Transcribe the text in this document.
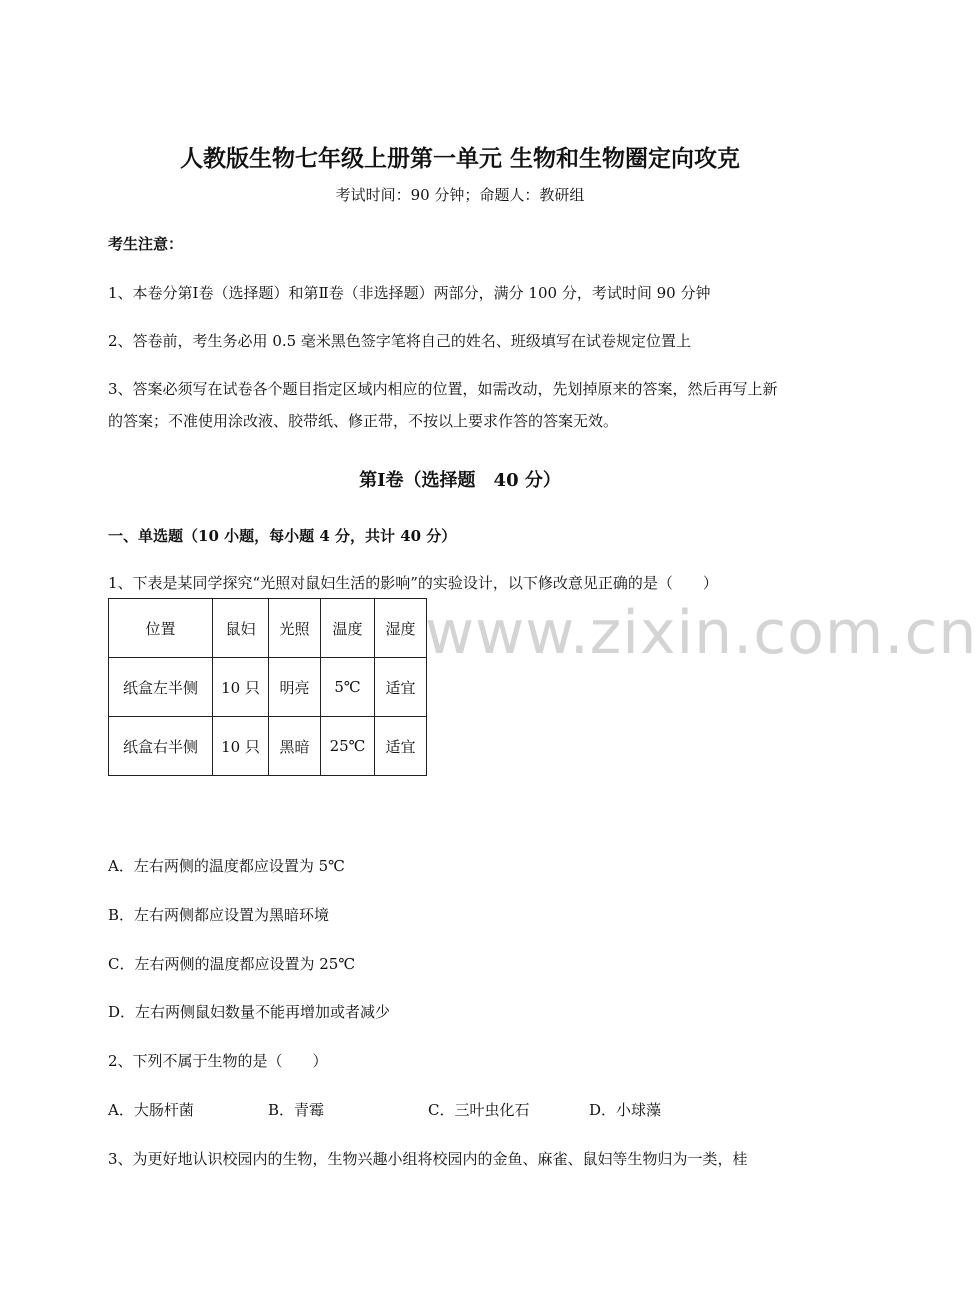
www.zixin.com.cn
人教版生物七年级上册第一单元 生物和生物圈定向攻克
考试时间：90 分钟；命题人：教研组
考生注意：
1、本卷分第Ⅰ卷（选择题）和第Ⅱ卷（非选择题）两部分，满分 100 分，考试时间 90 分钟
2、答卷前，考生务必用 0.5 毫米黑色签字笔将自己的姓名、班级填写在试卷规定位置上
3、答案必须写在试卷各个题目指定区域内相应的位置，如需改动，先划掉原来的答案，然后再写上新
的答案；不准使用涂改液、胶带纸、修正带，不按以上要求作答的答案无效。
第Ⅰ卷（选择题　40 分）
一、单选题（10 小题，每小题 4 分，共计 40 分）
1、下表是某同学探究“光照对鼠妇生活的影响”的实验设计，以下修改意见正确的是（　　）
位置	鼠妇	光照	温度	湿度
纸盒左半侧	10 只	明亮	5℃	适宜
纸盒右半侧	10 只	黑暗	25℃	适宜
A．左右两侧的温度都应设置为 5℃
B．左右两侧都应设置为黑暗环境
C．左右两侧的温度都应设置为 25℃
D．左右两侧鼠妇数量不能再增加或者减少
2、下列不属于生物的是（　　）
A．大肠杆菌	B．青霉	C．三叶虫化石	D．小球藻
3、为更好地认识校园内的生物，生物兴趣小组将校园内的金鱼、麻雀、鼠妇等生物归为一类，桂
